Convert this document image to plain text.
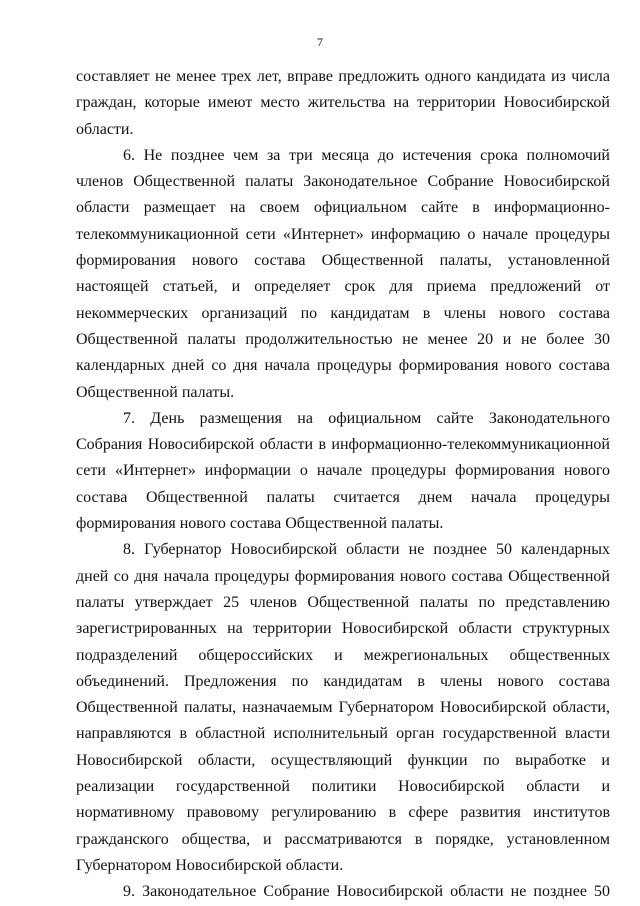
7

составляет не менее трех лет, вправе предложить одного кандидата из числа граждан, которые имеют место жительства на территории Новосибирской области.

6. Не позднее чем за три месяца до истечения срока полномочий членов Общественной палаты Законодательное Собрание Новосибирской области размещает на своем официальном сайте в информационно-телекоммуникационной сети «Интернет» информацию о начале процедуры формирования нового состава Общественной палаты, установленной настоящей статьей, и определяет срок для приема предложений от некоммерческих организаций по кандидатам в члены нового состава Общественной палаты продолжительностью не менее 20 и не более 30 календарных дней со дня начала процедуры формирования нового состава Общественной палаты.

7. День размещения на официальном сайте Законодательного Собрания Новосибирской области в информационно-телекоммуникационной сети «Интернет» информации о начале процедуры формирования нового состава Общественной палаты считается днем начала процедуры формирования нового состава Общественной палаты.

8. Губернатор Новосибирской области не позднее 50 календарных дней со дня начала процедуры формирования нового состава Общественной палаты утверждает 25 членов Общественной палаты по представлению зарегистрированных на территории Новосибирской области структурных подразделений общероссийских и межрегиональных общественных объединений. Предложения по кандидатам в члены нового состава Общественной палаты, назначаемым Губернатором Новосибирской области, направляются в областной исполнительный орган государственной власти Новосибирской области, осуществляющий функции по выработке и реализации государственной политики Новосибирской области и нормативному правовому регулированию в сфере развития институтов гражданского общества, и рассматриваются в порядке, установленном Губернатором Новосибирской области.

9. Законодательное Собрание Новосибирской области не позднее 50
